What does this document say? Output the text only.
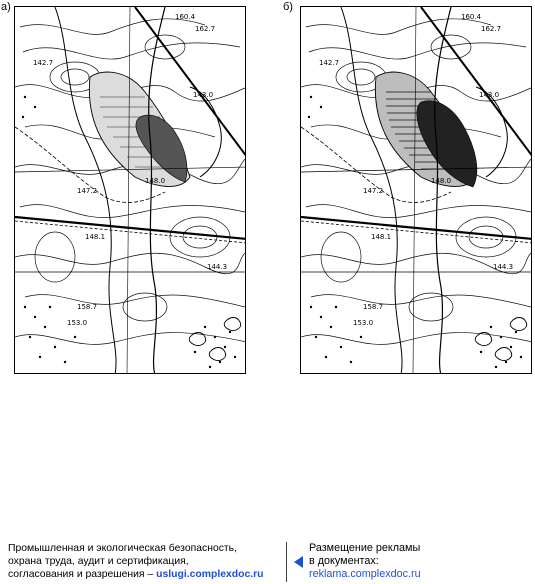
а)	б)
160.4
162.7
142.7
143.0
148.0
147.2
148.1
144.3
158.7
153.0
160.4
162.7
142.7
143.0
148.0
147.2
148.1
144.3
158.7
153.0
Промышленная и экологическая безопасность,
охрана труда, аудит и сертификация,
согласования и разрешения – uslugi.complexdoc.ru
Размещение рекламы
в документах:
reklama.complexdoc.ru
